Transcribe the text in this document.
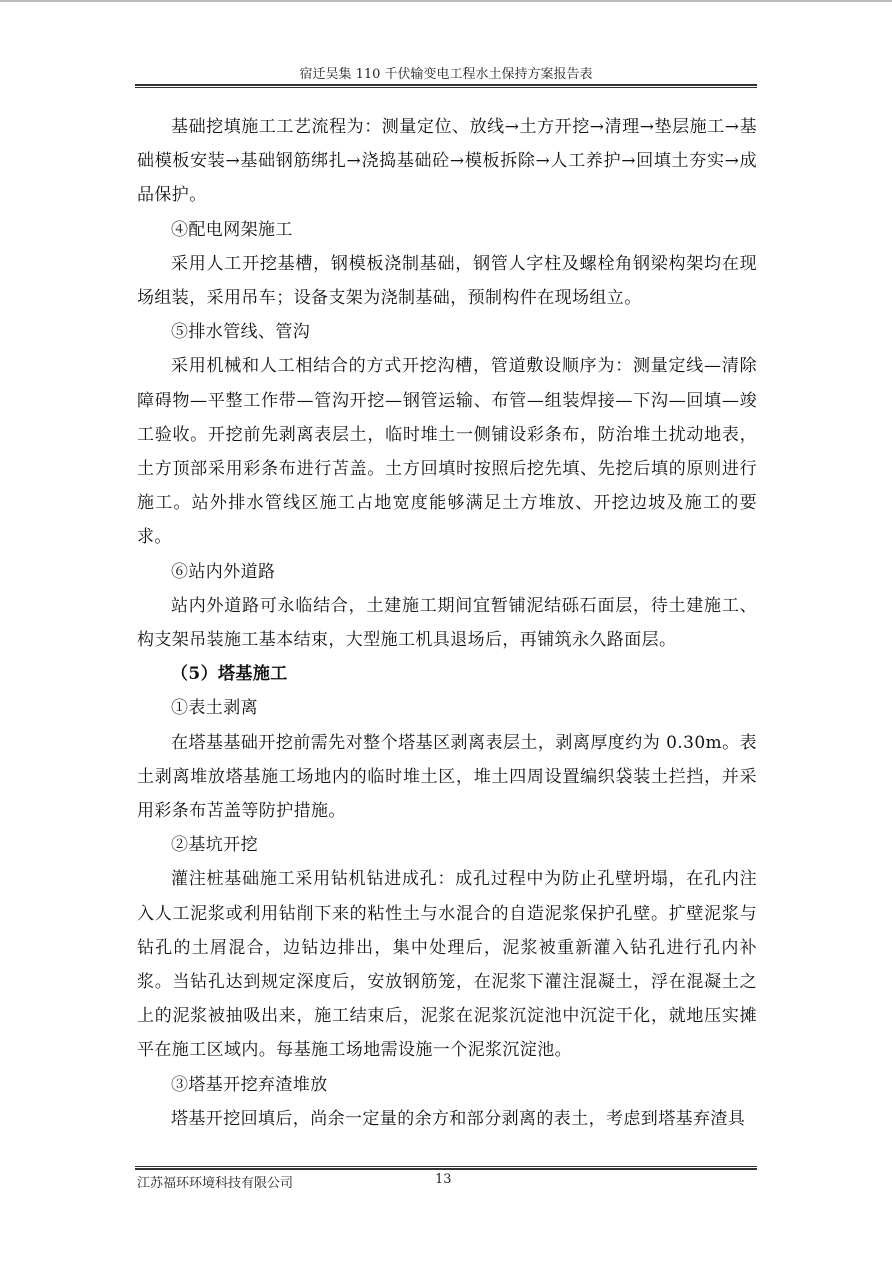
宿迁吴集 110 千伏输变电工程水土保持方案报告表

基础挖填施工工艺流程为：测量定位、放线→土方开挖→清理→垫层施工→基础模板安装→基础钢筋绑扎→浇捣基础砼→模板拆除→人工养护→回填土夯实→成品保护。

④配电网架施工

采用人工开挖基槽，钢模板浇制基础，钢管人字柱及螺栓角钢梁构架均在现场组装，采用吊车；设备支架为浇制基础，预制构件在现场组立。

⑤排水管线、管沟

采用机械和人工相结合的方式开挖沟槽，管道敷设顺序为：测量定线—清除障碍物—平整工作带—管沟开挖—钢管运输、布管—组装焊接—下沟—回填—竣工验收。开挖前先剥离表层土，临时堆土一侧铺设彩条布，防治堆土扰动地表，土方顶部采用彩条布进行苫盖。土方回填时按照后挖先填、先挖后填的原则进行施工。站外排水管线区施工占地宽度能够满足土方堆放、开挖边坡及施工的要求。

⑥站内外道路

站内外道路可永临结合，土建施工期间宜暂铺泥结砾石面层，待土建施工、构支架吊装施工基本结束，大型施工机具退场后，再铺筑永久路面层。

（5）塔基施工

①表土剥离

在塔基基础开挖前需先对整个塔基区剥离表层土，剥离厚度约为 0.30m。表土剥离堆放塔基施工场地内的临时堆土区，堆土四周设置编织袋装土拦挡，并采用彩条布苫盖等防护措施。

②基坑开挖

灌注桩基础施工采用钻机钻进成孔：成孔过程中为防止孔壁坍塌，在孔内注入人工泥浆或利用钻削下来的粘性土与水混合的自造泥浆保护孔壁。扩壁泥浆与钻孔的土屑混合，边钻边排出，集中处理后，泥浆被重新灌入钻孔进行孔内补浆。当钻孔达到规定深度后，安放钢筋笼，在泥浆下灌注混凝土，浮在混凝土之上的泥浆被抽吸出来，施工结束后，泥浆在泥浆沉淀池中沉淀干化，就地压实摊平在施工区域内。每基施工场地需设施一个泥浆沉淀池。

③塔基开挖弃渣堆放

塔基开挖回填后，尚余一定量的余方和部分剥离的表土，考虑到塔基弃渣具

江苏福环环境科技有限公司	13
